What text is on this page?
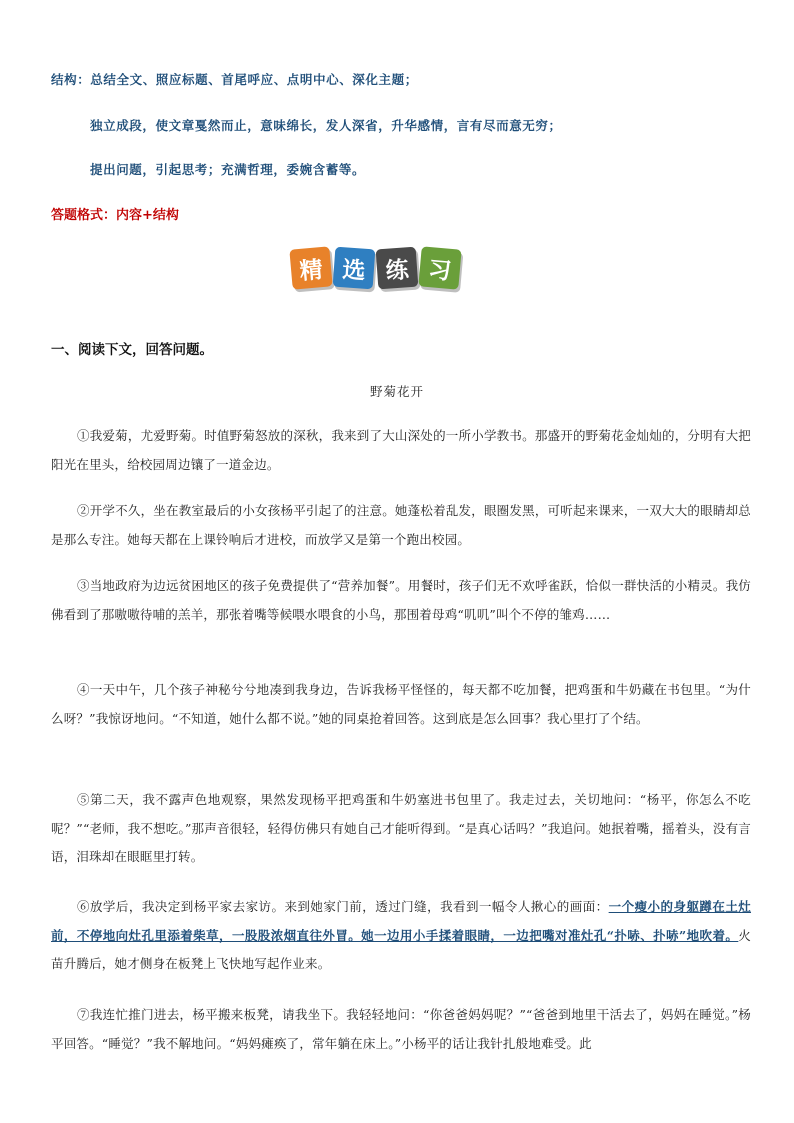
结构：总结全文、照应标题、首尾呼应、点明中心、深化主题；
独立成段，使文章戛然而止，意味绵长，发人深省，升华感情，言有尽而意无穷；
提出问题，引起思考；充满哲理，委婉含蓄等。
答题格式：内容+结构
精 选 练 习
一、阅读下文，回答问题。
野菊花开
①我爱菊，尤爱野菊。时值野菊怒放的深秋，我来到了大山深处的一所小学教书。那盛开的野菊花金灿灿的，分明有大把阳光在里头，给校园周边镶了一道金边。
②开学不久，坐在教室最后的小女孩杨平引起了的注意。她蓬松着乱发，眼圈发黑，可听起来课来，一双大大的眼睛却总是那么专注。她每天都在上课铃响后才进校，而放学又是第一个跑出校园。
③当地政府为边远贫困地区的孩子免费提供了“营养加餐”。用餐时，孩子们无不欢呼雀跃，恰似一群快活的小精灵。我仿佛看到了那嗷嗷待哺的羔羊，那张着嘴等候喂水喂食的小鸟，那围着母鸡“叽叽”叫个不停的雏鸡……
④一天中午，几个孩子神秘兮兮地凑到我身边，告诉我杨平怪怪的，每天都不吃加餐，把鸡蛋和牛奶藏在书包里。“为什么呀？”我惊讶地问。“不知道，她什么都不说。”她的同桌抢着回答。这到底是怎么回事？我心里打了个结。
⑤第二天，我不露声色地观察，果然发现杨平把鸡蛋和牛奶塞进书包里了。我走过去，关切地问：“杨平，你怎么不吃呢？”“老师，我不想吃。”那声音很轻，轻得仿佛只有她自己才能听得到。“是真心话吗？”我追问。她抿着嘴，摇着头，没有言语，泪珠却在眼眶里打转。
⑥放学后，我决定到杨平家去家访。来到她家门前，透过门缝，我看到一幅令人揪心的画面：一个瘦小的身躯蹲在土灶前，不停地向灶孔里添着柴草，一股股浓烟直往外冒。她一边用小手揉着眼睛，一边把嘴对准灶孔“扑哧、扑哧”地吹着。火苗升腾后，她才侧身在板凳上飞快地写起作业来。
⑦我连忙推门进去，杨平搬来板凳，请我坐下。我轻轻地问：“你爸爸妈妈呢？”“爸爸到地里干活去了，妈妈在睡觉。”杨平回答。“睡觉？”我不解地问。“妈妈瘫痪了，常年躺在床上。”小杨平的话让我针扎般地难受。此
